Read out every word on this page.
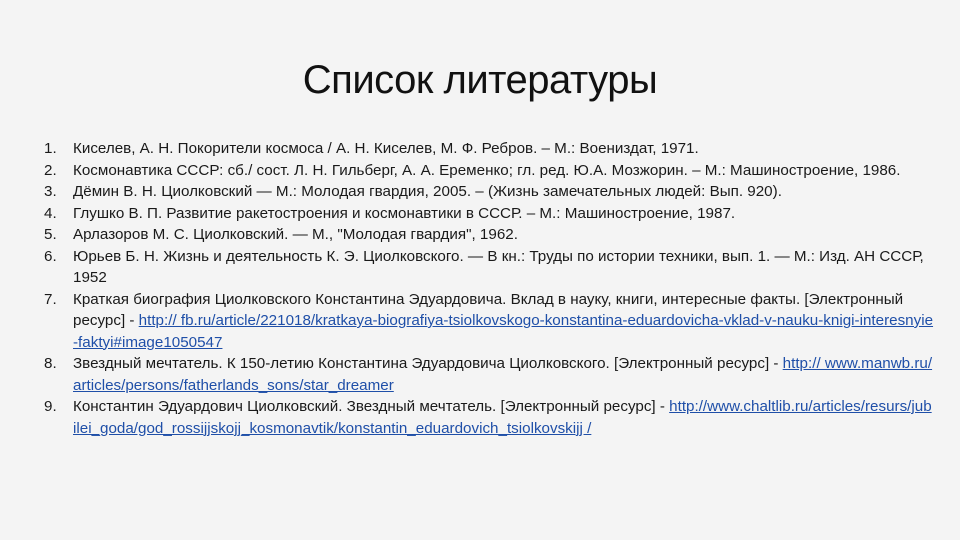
Список литературы
1. Киселев, А. Н. Покорители космоса / А. Н. Киселев, М. Ф. Ребров. – М.: Воениздат, 1971.
2. Космонавтика СССР: сб./ сост. Л. Н. Гильберг, А. А. Еременко; гл. ред. Ю.А. Мозжорин. – М.: Машиностроение, 1986.
3. Дёмин В. Н. Циолковский — М.: Молодая гвардия, 2005. – (Жизнь замечательных людей: Вып. 920).
4. Глушко В. П. Развитие ракетостроения и космонавтики в СССР. – М.: Машиностроение, 1987.
5. Арлазоров М. С. Циолковский. — М., "Молодая гвардия", 1962.
6. Юрьев Б. Н. Жизнь и деятельность К. Э. Циолковского. — В кн.: Труды по истории техники, вып. 1. — М.: Изд. АН СССР, 1952
7. Краткая биография Циолковского Константина Эдуардовича. Вклад в науку, книги, интересные факты. [Электронный ресурс] - http:// fb.ru/article/221018/kratkaya-biografiya-tsiolkovskogo-konstantina-eduardovicha-vklad-v-nauku-knigi-interesnyie-faktyi#image1050547
8. Звездный мечтатель. К 150-летию Константина Эдуардовича Циолковского. [Электронный ресурс] - http:// www.manwb.ru/articles/persons/fatherlands_sons/star_dreamer
9. Константин Эдуардович Циолковский. Звездный мечтатель. [Электронный ресурс] - http://www.chaltlib.ru/articles/resurs/jubilei_goda/god_rossijjskojj_kosmonavtik/konstantin_eduardovich_tsiolkovskijj /
